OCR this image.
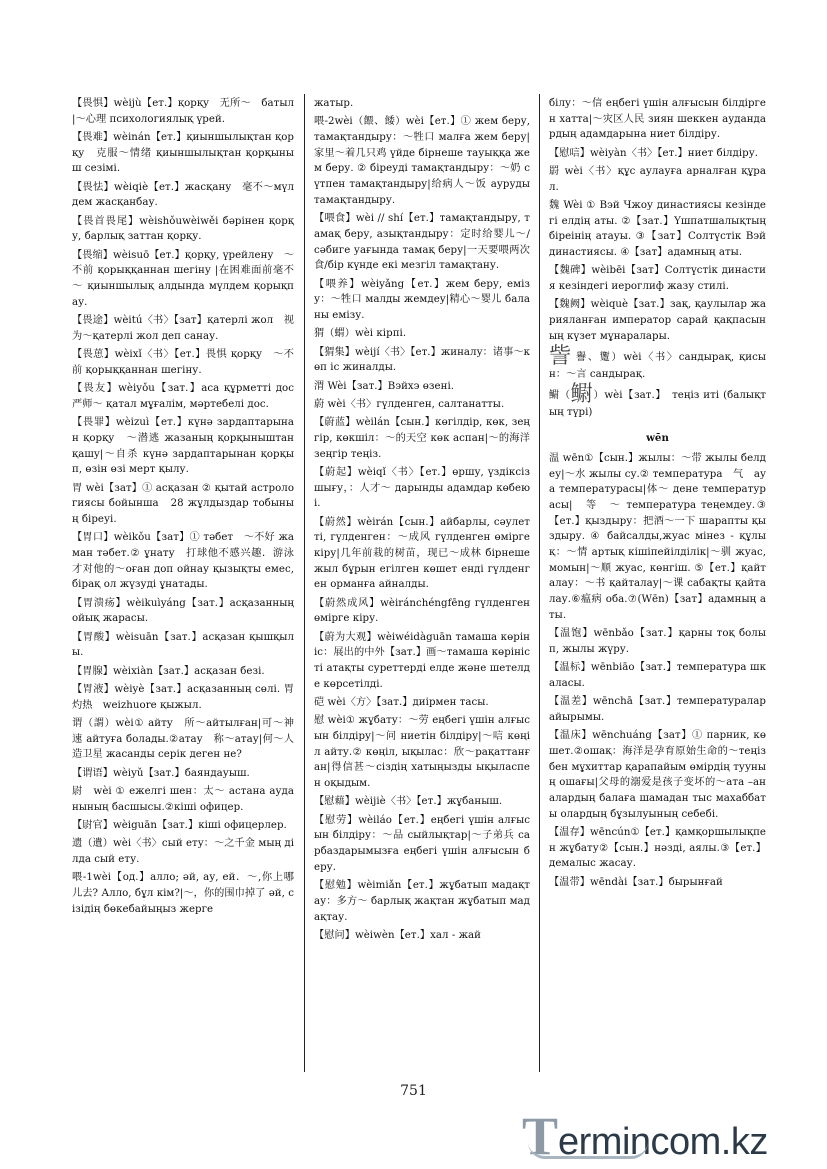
【畏惧】wèijù【ет.】қорқу　无所～　батыл|～心理 психологиялық үрей.

【畏难】wèinán【ет.】қиыншылықтан қорқу　克服～情绪 қиыншылықтан қорқыныш сезімі.

【畏怯】wèiqiè【ет.】жасқану　毫不～мүлдем жасқанбау.

【畏首畏尾】wèishǒuwèiwěi бәрінен қорқу, барлық заттан қорқу.

【畏缩】wèisuō【ет.】қорқу, үрейлену　～不前 қорыққаннан шегіну |在困难面前毫不～ қиыншылық алдында мүлдем қорықпау.

【畏途】wèitú〈书〉【зат】қатерлі жол　视为～қатерлі жол деп санау.

【畏葸】wèixǐ〈书〉【ет.】畏惧 қорқу　～不前 қорыққаннан шегіну.

【畏友】wèiyǒu【зат.】аса құрметті дос　严师～ қатал мұғалім, мәртебелі дос.

【畏罪】wèizuì【ет.】күнә зардаптарынан қорқу　～潜逃 жазаның қорқыныштан қашу|～自杀 күнә зардаптарынан қорқып, өзін өзі мерт қылу.

胃 wèi【зат】① асқазан ② қытай астрологиясы бойынша　28 жұлдыздар тобының біреуі.

【胃口】wèikǒu【зат】① тәбет　～不好 жаман тәбет.② ұнату　打球他不感兴趣．游泳才对他的～оған доп ойнау қызықты емес, бірақ ол жүзуді ұнатады.

【胃溃疡】wèikuìyáng【зат.】асқазанның ойық жарасы.

【胃酸】wèisuān【зат.】асқазан қышқылы.

【胃腺】wèixiàn【зат.】асқазан безі.

【胃液】wèiyè【зат.】асқазанның сөлі. 胃灼热　weizhuore қыжыл.

谓（謂）wèi① айту　所～айтылған|可～神速 айтуға болады.②атау　称～атау|何～人造卫星 жасанды серік деген не?

【谓语】wèiyǔ【зат.】баяндауыш.

尉　wèi ① ежелгі шен：太～ астана ауданының басшысы.②кіші офицер.

【尉官】wèiguān【зат.】кіші офицерлер.

遗（遺）wèi〈书〉сый ету：～之千金 мың ділда сый ету.

喂-1wèi【од.】алло; әй, ау, ей．～,你上哪儿去? Алло, бұл кім?|～，你的围巾掉了 әй, сізідің бөкебайыңыз жерге

жатыр.

喂-2wèi（餵、餧）wèi【ет.】① жем беру, тамақтандыру：～牲口 малға жем беру|家里～着几只鸡 үйде бірнеше тауыққа жем беру. ② біреуді тамақтандыру：～奶 сүтпен тамақтандыру|给病人～饭 ауруды тамақтандыру.

【喂食】wèi // shí【ет.】тамақтандыру, тамақ беру, азықтандыру：定时给婴儿～/ сәбиге уағында тамақ беру|一天要喂两次食/бір күнде екі мезгіл тамақтану.

【喂养】wèiyǎng【ет.】жем беру, емізу：～牲口 малды жемдеу|精心～婴儿 баланы емізу.

猬（蝟）wèi кірпі.

【猬集】wèijí〈书〉【ет.】жиналу：诸事～көп іс жиналды.

渭 Wèi【зат.】Вэйхэ өзені.

蔚 wèi〈书〉гүлденген, салтанатты.

【蔚蓝】wèilán【сын.】көгілдір, көк, зеңгір, көкшіл：～的天空 көк аспан|～的海洋 зеңгір теңіз.

【蔚起】wèiqǐ〈书〉【ет.】өршу, үздіксіз шығу，：人才～ дарынды адамдар көбеюі.

【蔚然】wèirán【сын.】айбарлы, сәулетті, гүлденген：～成风 гүлденген өмірге кіру|几年前栽的树苗，现已～成林 бірнеше жыл бұрын егілген көшет енді гүлденген орманға айналды.

【蔚然成风】wèiránchéngfēng гүлденген өмірге кіру.

【蔚为大观】wèiwéidàguān тамаша көрініс：展出的中外【зат.】画～тамаша көріністі атақты суреттерді елде және шетелде көрсетілді.

硙 wèi〈方〉【зат.】диірмен тасы.

慰 wèi① жұбату：～劳 еңбегі үшін алғысын білдіру|～问 ниетін білдіру|～唁 көңіл айту.② көңіл, ықылас：欣～рақаттанған|得信甚～сіздің хатыңызды ықыласпен оқыдым.

【慰藉】wèijiè〈书〉【ет.】жұбаныш.

【慰劳】wèiláo【ет.】еңбегі үшін алғысын білдіру：～品 сыйлықтар|～子弟兵 сарбаздарымызға еңбегі үшін алғысын беру.

【慰勉】wèimiǎn【ет.】жұбатып мадақтау：多方～ барлық жақтан жұбатып мадақтау.

【慰问】wèiwèn【ет.】хал - жай

білу：～信 еңбегі үшін алғысын білдірген хатта|～灾区人民 зиян шеккен аудандардың адамдарына ниет білдіру.

【慰唁】wèiyàn〈书〉【ет.】ниет білдіру.

罻 wèi〈书〉құс аулауға арналған құрал.

魏 Wèi ① Вэй Чжоу династиясы кезіндегі елдің аты. ②【зат.】Үшпатшалықтың біреінің атауы. ③【зат】Солтүстік Вэй династиясы. ④【зат】адамның аты.

【魏碑】wèibēi【зат】Солтүстік династия кезіндегі иероглиф жазу стилі.

【魏阙】wèiquè【зат.】зақ, қаулылар жарияланған император сарай қақпасының күзет мұнаралары.

訾 譽、躛）wèi〈书〉сандырақ, қисын：～言 сандырақ.

鳚（鳚）wèi【зат.】　теңіз иті (балықтың түрі)

wēn

温 wēn①【сын.】жылы：～带 жылы белдеу|～水 жылы су.② температура　气　ауа температурасы|体～ дене температурасы|　等　～ температура теңемдеу.③【ет.】қыздыру：把酒～一下 шарапты қыздыру. ④ байсалды,жуас мінез - құлық：～情 артық кішіпейілділік|～驯 жуас, момын|～顺 жуас, көнгіш. ⑤【ет.】қайталау：～书 қайталау|～课 сабақты қайталау.⑥瘟病 оба.⑦(Wēn)【зат】адамның аты.

【温饱】wēnbǎo【зат.】қарны тоқ болып, жылы жүру.

【温标】wēnbiāo【зат.】температура шкаласы.

【温差】wēnchā【зат.】температуралар айырымы.

【温床】wēnchuáng【зат】① парник, көшет.②ошақ：海洋是孕育原始生命的～теңіз бен мұхиттар қарапайым өмірдің тууның ошағы|父母的溺爱是孩子变坏的～ата –аналардың балаға шамадан тыс махаббаты олардың бұзылуының себебі.

【温存】wēncún①【ет.】қамқоршылықпен жұбату②【сын.】нәзді, аялы.③【ет.】демалыс жасау.

【温带】wēndài【зат.】бырынғай

751
T ermincom.kz
